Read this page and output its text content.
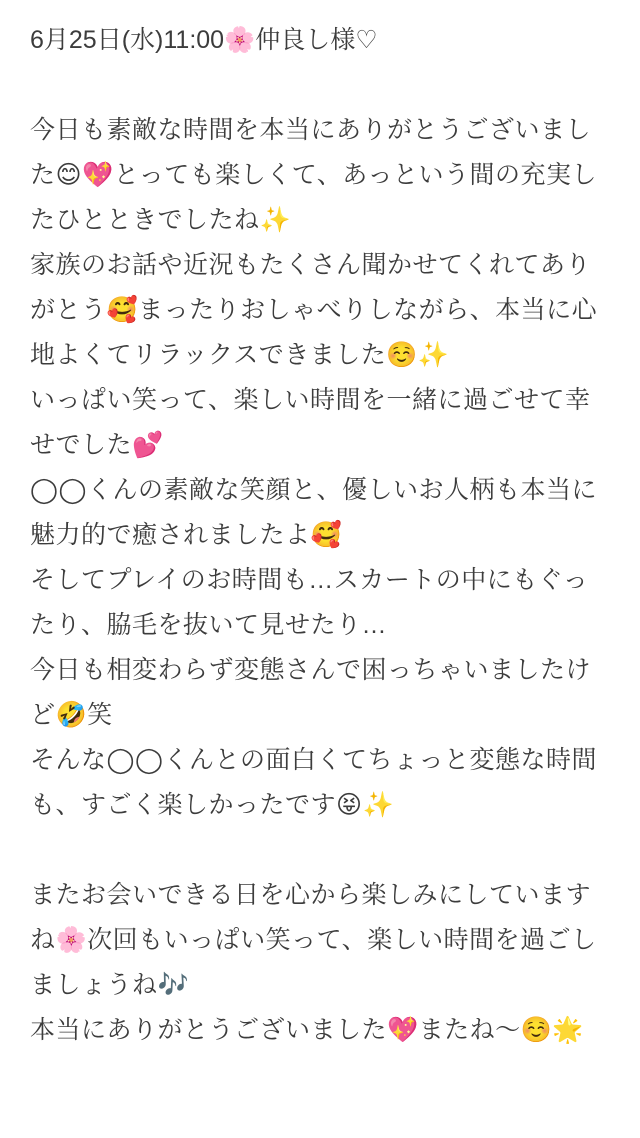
6月25日(水)11:00🌸仲良し様♡

今日も素敵な時間を本当にありがとうございました😊💖とっても楽しくて、あっという間の充実したひとときでしたね✨

家族のお話や近況もたくさん聞かせてくれてありがとう🥰まったりおしゃべりしながら、本当に心地よくてリラックスできました☺️✨

いっぱい笑って、楽しい時間を一緒に過ごせて幸せでした💕

◯◯くんの素敵な笑顔と、優しいお人柄も本当に魅力的で癒されましたよ🥰

そしてプレイのお時間も…スカートの中にもぐったり、脇毛を抜いて見せたり…

今日も相変わらず変態さんで困っちゃいましたけど🤣笑

そんな◯◯くんとの面白くてちょっと変態な時間も、すごく楽しかったです😝✨

またお会いできる日を心から楽しみにしていますね🌸次回もいっぱい笑って、楽しい時間を過ごしましょうね🎶

本当にありがとうございました💖またね〜☺️🌟
